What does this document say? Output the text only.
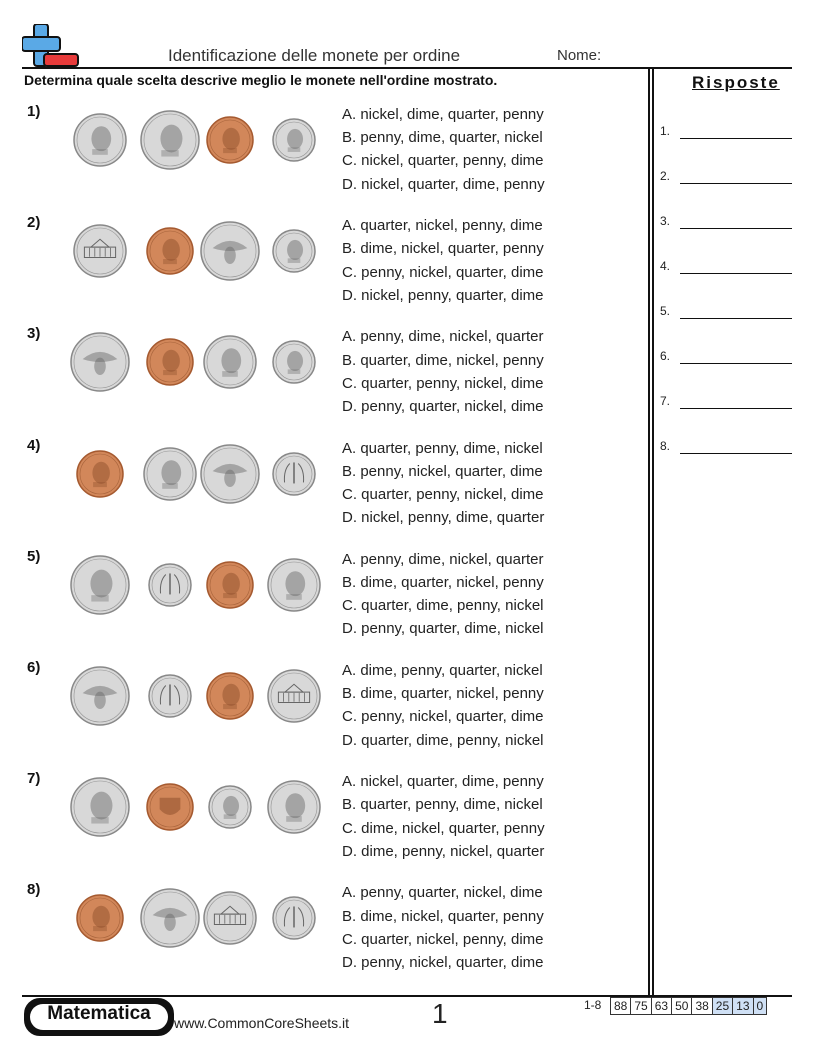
Identificazione delle monete per ordine	Nome:
Determina quale scelta descrive meglio le monete nell'ordine mostrato.	Risposte
1.
2.
3.
4.
5.
6.
7.
8.
1)	A. nickel, dime, quarter, penny
B. penny, dime, quarter, nickel
C. nickel, quarter, penny, dime
D. nickel, quarter, dime, penny
2)	A. quarter, nickel, penny, dime
B. dime, nickel, quarter, penny
C. penny, nickel, quarter, dime
D. nickel, penny, quarter, dime
3)	A. penny, dime, nickel, quarter
B. quarter, dime, nickel, penny
C. quarter, penny, nickel, dime
D. penny, quarter, nickel, dime
4)	A. quarter, penny, dime, nickel
B. penny, nickel, quarter, dime
C. quarter, penny, nickel, dime
D. nickel, penny, dime, quarter
5)	A. penny, dime, nickel, quarter
B. dime, quarter, nickel, penny
C. quarter, dime, penny, nickel
D. penny, quarter, dime, nickel
6)	A. dime, penny, quarter, nickel
B. dime, quarter, nickel, penny
C. penny, nickel, quarter, dime
D. quarter, dime, penny, nickel
7)	A. nickel, quarter, dime, penny
B. quarter, penny, dime, nickel
C. dime, nickel, quarter, penny
D. dime, penny, nickel, quarter
8)	A. penny, quarter, nickel, dime
B. dime, nickel, quarter, penny
C. quarter, nickel, penny, dime
D. penny, nickel, quarter, dime
Matematica	www.CommonCoreSheets.it	1	1-8 88	75	63	50	38	25	13	0
